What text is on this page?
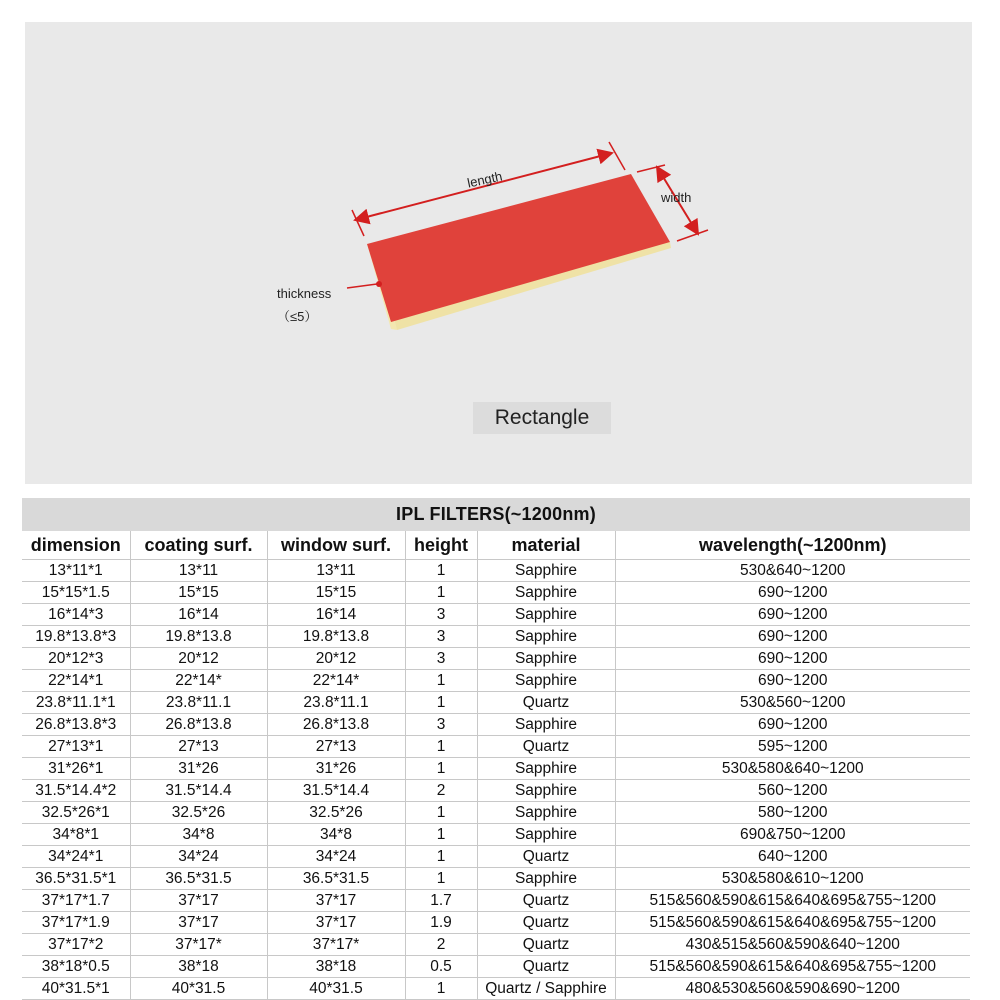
length
width
thickness
（≤5）
Rectangle
IPL FILTERS(~1200nm)
dimension	coating surf.	window surf.	height	material	wavelength(~1200nm)
13*11*1	13*11	13*11	1	Sapphire	530&640~1200
15*15*1.5	15*15	15*15	1	Sapphire	690~1200
16*14*3	16*14	16*14	3	Sapphire	690~1200
19.8*13.8*3	19.8*13.8	19.8*13.8	3	Sapphire	690~1200
20*12*3	20*12	20*12	3	Sapphire	690~1200
22*14*1	22*14*	22*14*	1	Sapphire	690~1200
23.8*11.1*1	23.8*11.1	23.8*11.1	1	Quartz	530&560~1200
26.8*13.8*3	26.8*13.8	26.8*13.8	3	Sapphire	690~1200
27*13*1	27*13	27*13	1	Quartz	595~1200
31*26*1	31*26	31*26	1	Sapphire	530&580&640~1200
31.5*14.4*2	31.5*14.4	31.5*14.4	2	Sapphire	560~1200
32.5*26*1	32.5*26	32.5*26	1	Sapphire	580~1200
34*8*1	34*8	34*8	1	Sapphire	690&750~1200
34*24*1	34*24	34*24	1	Quartz	640~1200
36.5*31.5*1	36.5*31.5	36.5*31.5	1	Sapphire	530&580&610~1200
37*17*1.7	37*17	37*17	1.7	Quartz	515&560&590&615&640&695&755~1200
37*17*1.9	37*17	37*17	1.9	Quartz	515&560&590&615&640&695&755~1200
37*17*2	37*17*	37*17*	2	Quartz	430&515&560&590&640~1200
38*18*0.5	38*18	38*18	0.5	Quartz	515&560&590&615&640&695&755~1200
40*31.5*1	40*31.5	40*31.5	1	Quartz / Sapphire	480&530&560&590&690~1200
